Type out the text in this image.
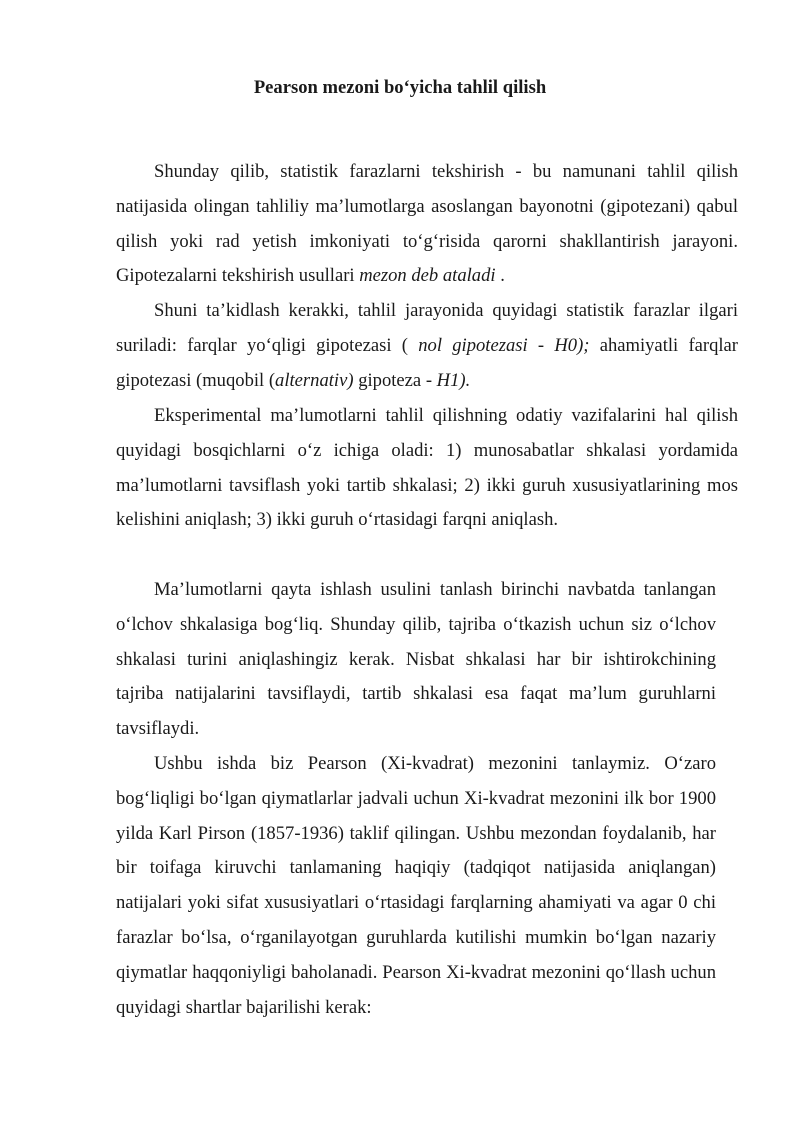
Pearson mezoni bo‘yicha tahlil qilish

Shunday qilib, statistik farazlarni tekshirish - bu namunani tahlil qilish natijasida olingan tahliliy ma’lumotlarga asoslangan bayonotni (gipotezani) qabul qilish yoki rad yetish imkoniyati to‘g‘risida qarorni shakllantirish jarayoni. Gipotezalarni tekshirish usullari mezon deb ataladi .

Shuni ta’kidlash kerakki, tahlil jarayonida quyidagi statistik farazlar ilgari suriladi: farqlar yo‘qligi gipotezasi ( nol gipotezasi - H0); ahamiyatli farqlar gipotezasi (muqobil (alternativ) gipoteza - H1).

Eksperimental ma’lumotlarni tahlil qilishning odatiy vazifalarini hal qilish quyidagi bosqichlarni o‘z ichiga oladi: 1) munosabatlar shkalasi yordamida ma’lumotlarni tavsiflash yoki tartib shkalasi; 2) ikki guruh xususiyatlarining mos kelishini aniqlash; 3) ikki guruh o‘rtasidagi farqni aniqlash.

Ma’lumotlarni qayta ishlash usulini tanlash birinchi navbatda tanlangan o‘lchov shkalasiga bog‘liq. Shunday qilib, tajriba o‘tkazish uchun siz o‘lchov shkalasi turini aniqlashingiz kerak. Nisbat shkalasi har bir ishtirokchining tajriba natijalarini tavsiflaydi, tartib shkalasi esa faqat ma’lum guruhlarni tavsiflaydi.

Ushbu ishda biz Pearson (Xi-kvadrat) mezonini tanlaymiz. O‘zaro bog‘liqligi bo‘lgan qiymatlarlar jadvali uchun Xi-kvadrat mezonini ilk bor 1900 yilda Karl Pirson (1857-1936) taklif qilingan. Ushbu mezondan foydalanib, har bir toifaga kiruvchi tanlamaning haqiqiy (tadqiqot natijasida aniqlangan) natijalari yoki sifat xususiyatlari o‘rtasidagi farqlarning ahamiyati va agar 0 chi farazlar bo‘lsa, o‘rganilayotgan guruhlarda kutilishi mumkin bo‘lgan nazariy qiymatlar haqqoniyligi baholanadi. Pearson Xi-kvadrat mezonini qo‘llash uchun quyidagi shartlar bajarilishi kerak:
